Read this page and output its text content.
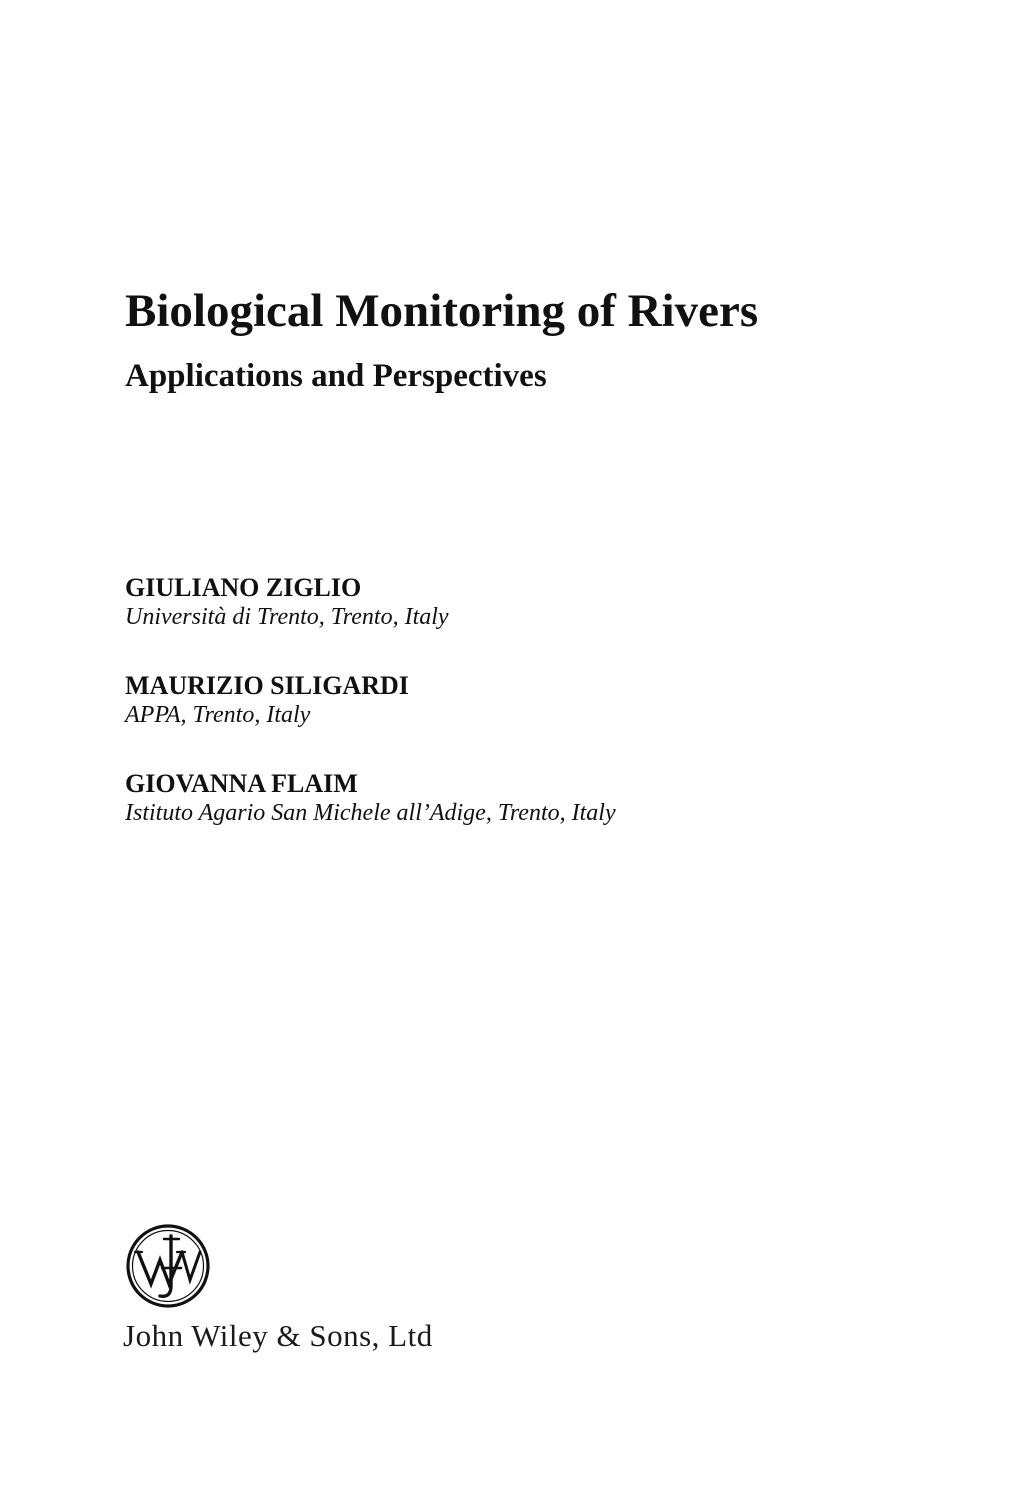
Biological Monitoring of Rivers
Applications and Perspectives
GIULIANO ZIGLIO
Università di Trento, Trento, Italy
MAURIZIO SILIGARDI
APPA, Trento, Italy
GIOVANNA FLAIM
Istituto Agario San Michele all’Adige, Trento, Italy
John Wiley & Sons, Ltd
